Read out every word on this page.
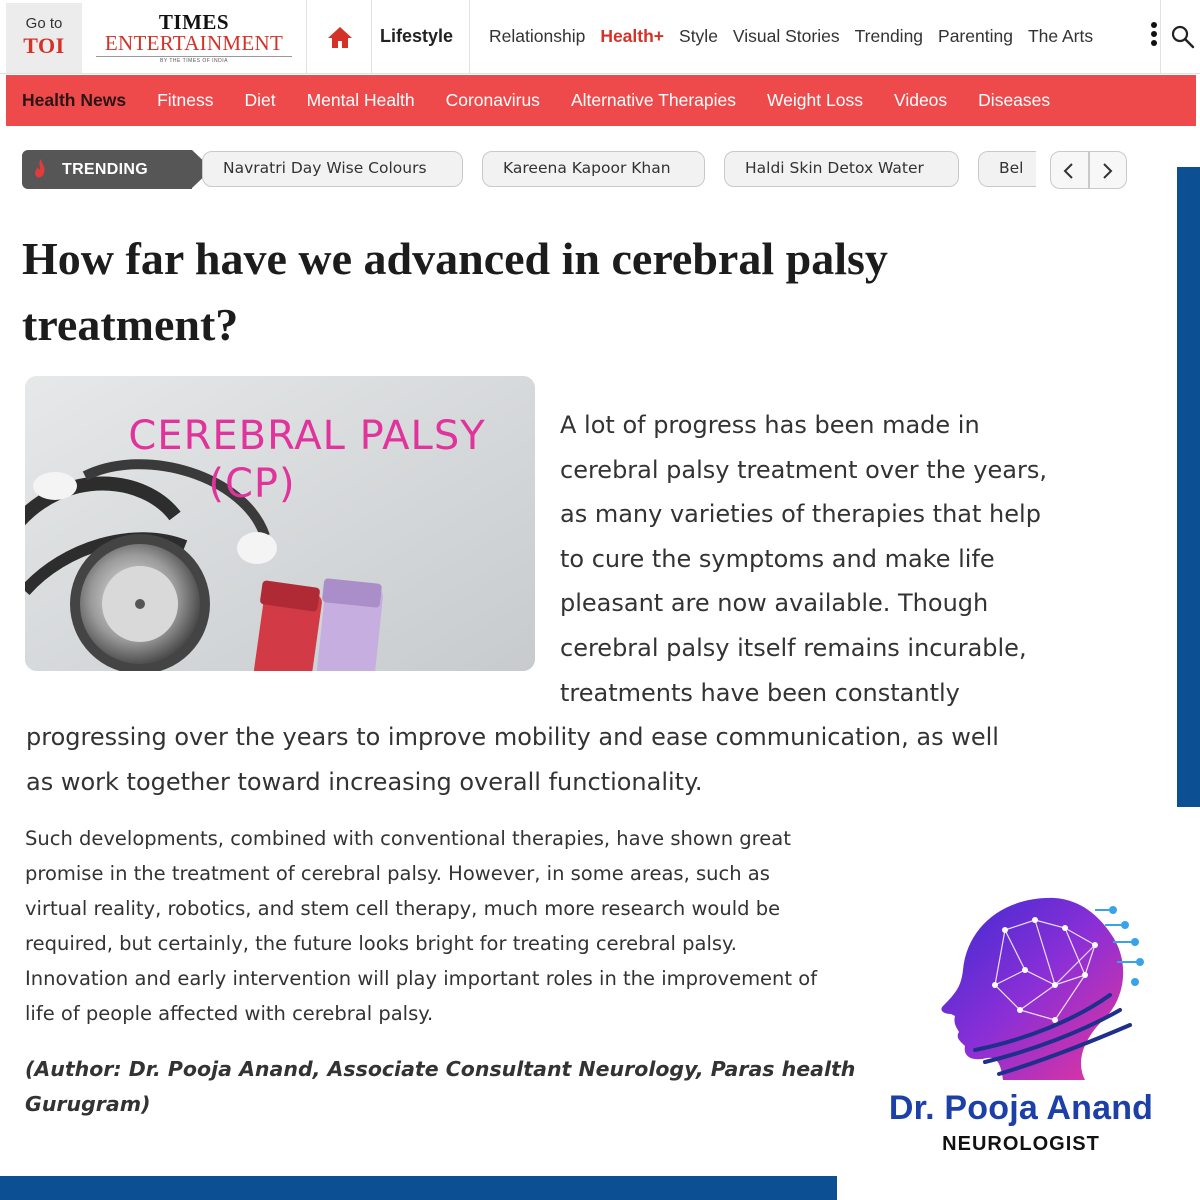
Go to
TOI
TIMES
ENTERTAINMENT
BY THE TIMES OF INDIA
Lifestyle Relationship Health+ Style Visual Stories Trending Parenting The Arts
Health News Fitness Diet Mental Health Coronavirus Alternative Therapies Weight Loss Videos Diseases
TRENDING	Navratri Day Wise Colours	Kareena Kapoor Khan	Haldi Skin Detox Water	Bel
How far have we advanced in cerebral palsy treatment?
CEREBRAL PALSY
(CP)
A lot of progress has been made in
cerebral palsy treatment over the years,
as many varieties of therapies that help
to cure the symptoms and make life
pleasant are now available. Though
cerebral palsy itself remains incurable,
treatments have been constantly
progressing over the years to improve mobility and ease communication, as well
as work together toward increasing overall functionality.
Such developments, combined with conventional therapies, have shown great
promise in the treatment of cerebral palsy. However, in some areas, such as
virtual reality, robotics, and stem cell therapy, much more research would be
required, but certainly, the future looks bright for treating cerebral palsy.
Innovation and early intervention will play important roles in the improvement of
life of people affected with cerebral palsy.
(Author: Dr. Pooja Anand, Associate Consultant Neurology, Paras health
Gurugram)	Dr. Pooja Anand
NEUROLOGIST
